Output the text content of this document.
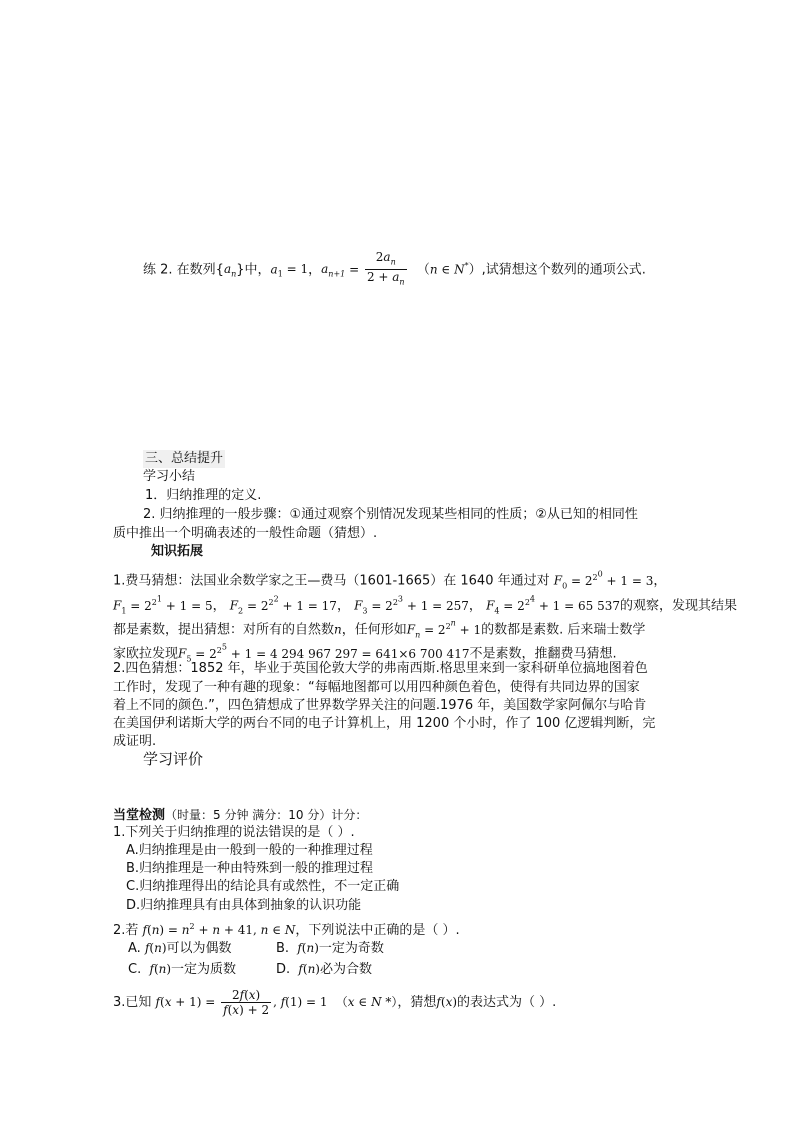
练 2. 在数列$\{a_n\}$中，$a_1 = 1$，$a_{n+1} = \frac{2a_n}{2 + a_n} (n$ ∈ N*）,试猜想这个数列的通项公式.
三、总结提升
学习小结
1．归纳推理的定义.
2. 归纳推理的一般步骤：①通过观察个别情况发现某些相同的性质；②从已知的相同性
质中推出一个明确表述的一般性命题（猜想）.
知识拓展
1.费马猜想：法国业余数学家之王—费马（1601-1665）在 1640 年通过对 $F_0 = 2^{2^0} + 1 = 3$，
$F_1 = 2^{2^1} + 1 = 5$， $F_2 = 2^{2^2} + 1 = 17$， $F_3 = 2^{2^3} + 1 = 257$， $F_4 = 2^{2^4} + 1 = 65$ 537的观察，发现其结果
都是素数，提出猜想：对所有的自然数n，任何形如$F_n = 2^{2^n} + 1$的数都是素数. 后来瑞士数学
家欧拉发现$F_5 = 2^{2^5} + 1 = 4$ 294 967 297 = 641×6 700 417不是素数，推翻费马猜想.
2.四色猜想：1852 年，毕业于英国伦敦大学的弗南西斯.格思里来到一家科研单位搞地图着色
工作时，发现了一种有趣的现象：“每幅地图都可以用四种颜色着色，使得有共同边界的国家
着上不同的颜色.”，四色猜想成了世界数学界关注的问题.1976 年，美国数学家阿佩尔与哈肯
在美国伊利诺斯大学的两台不同的电子计算机上，用 1200 个小时，作了 100 亿逻辑判断，完
成证明.
学习评价
当堂检测（时量：5 分钟 满分：10 分）计分：
1.下列关于归纳推理的说法错误的是（ ）.
A.归纳推理是由一般到一般的一种推理过程
B.归纳推理是一种由特殊到一般的推理过程
C.归纳推理得出的结论具有或然性，不一定正确
D.归纳推理具有由具体到抽象的认识功能
2.若 $f(n) = n^2 + n + 41$, n ∈ N，下列说法中正确的是（ ）.
A. f(n)可以为偶数	B. f(n)一定为奇数
C. f(n)一定为质数	D. f(n)必为合数
3.已知 $f(x + 1) = \frac{2f(x)}{f(x) + 2}$ , f(1) = 1 （x ∈ N *），猜想f(x)的表达式为（ ）.
